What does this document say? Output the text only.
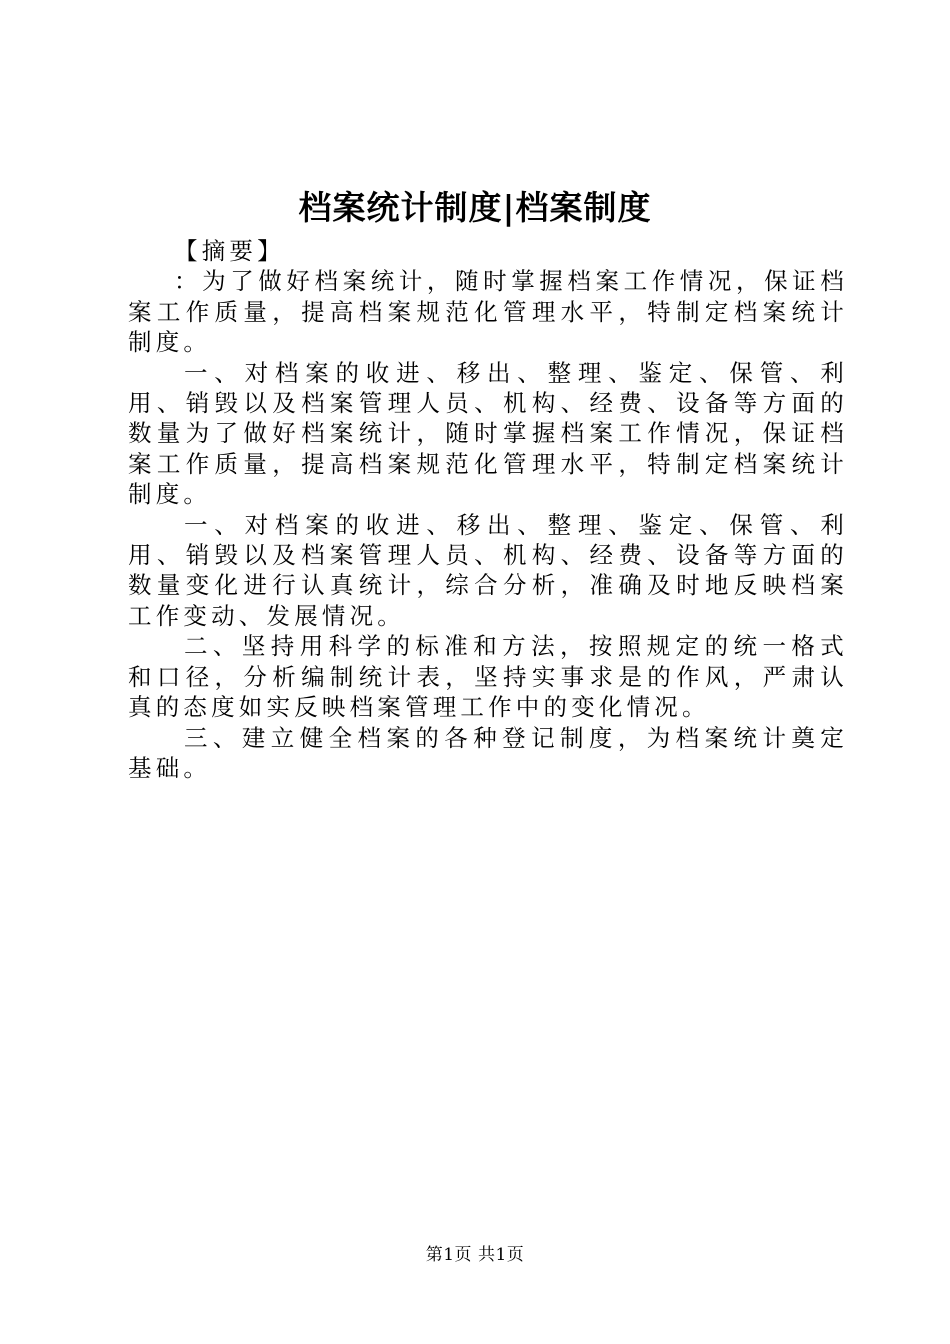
档案统计制度|档案制度

【摘要】

：为了做好档案统计，随时掌握档案工作情况，保证档案工作质量，提高档案规范化管理水平，特制定档案统计制度。

一、对档案的收进、移出、整理、鉴定、保管、利用、销毁以及档案管理人员、机构、经费、设备等方面的数量为了做好档案统计，随时掌握档案工作情况，保证档案工作质量，提高档案规范化管理水平，特制定档案统计制度。

一、对档案的收进、移出、整理、鉴定、保管、利用、销毁以及档案管理人员、机构、经费、设备等方面的数量变化进行认真统计，综合分析，准确及时地反映档案工作变动、发展情况。

二、坚持用科学的标准和方法，按照规定的统一格式和口径，分析编制统计表，坚持实事求是的作风，严肃认真的态度如实反映档案管理工作中的变化情况。

三、建立健全档案的各种登记制度，为档案统计奠定基础。

第1页 共1页
